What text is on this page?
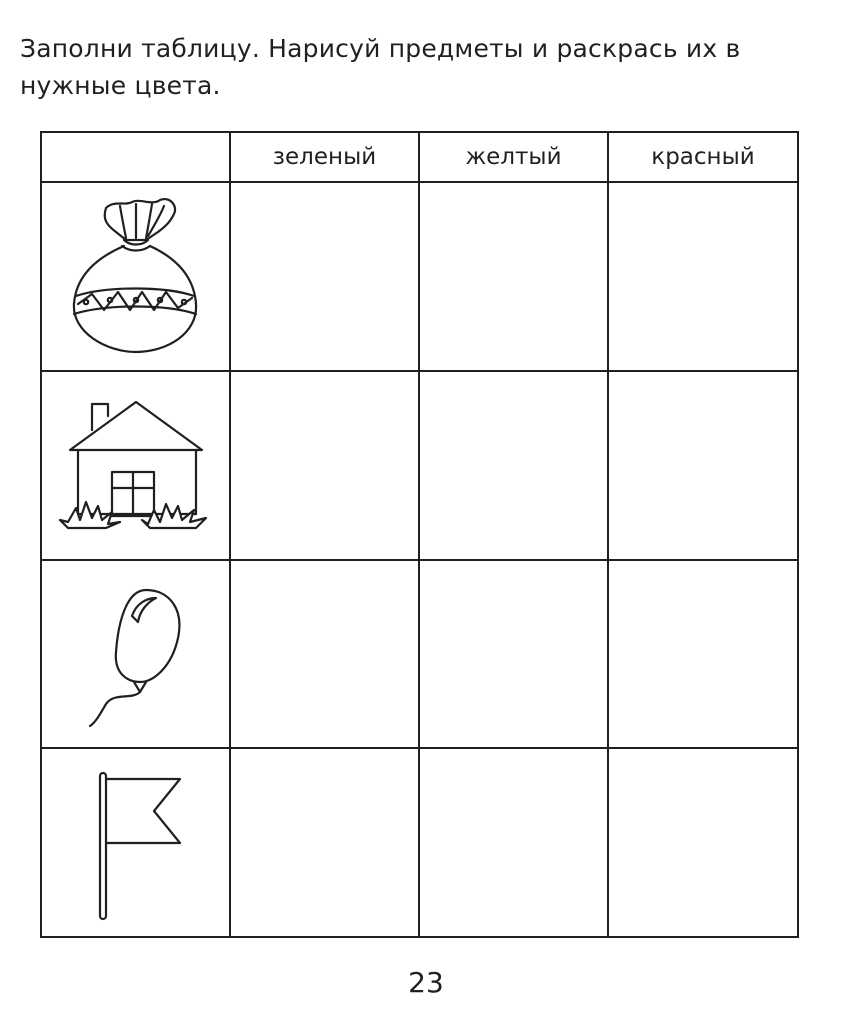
Заполни таблицу. Нарисуй предметы и раскрась их в нужные цвета.

	зеленый	желтый	красный

23
